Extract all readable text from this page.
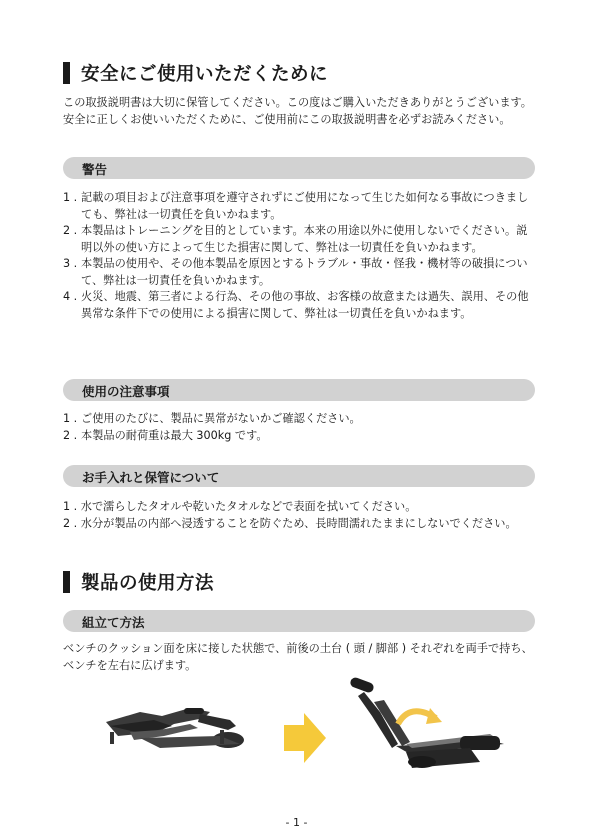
安全にご使用いただくために
この取扱説明書は大切に保管してください。この度はご購入いただきありがとうございます。安全に正しくお使いいただくために、ご使用前にこの取扱説明書を必ずお読みください。
警告
1 . 記載の項目および注意事項を遵守されずにご使用になって生じた如何なる事故につきましても、弊社は一切責任を負いかねます。
2 . 本製品はトレーニングを目的としています。本来の用途以外に使用しないでください。説明以外の使い方によって生じた損害に関して、弊社は一切責任を負いかねます。
3 . 本製品の使用や、その他本製品を原因とするトラブル・事故・怪我・機材等の破損について、弊社は一切責任を負いかねます。
4 . 火災、地震、第三者による行為、その他の事故、お客様の故意または過失、誤用、その他異常な条件下での使用による損害に関して、弊社は一切責任を負いかねます。
使用の注意事項
1 . ご使用のたびに、製品に異常がないかご確認ください。
2 . 本製品の耐荷重は最大 300kg です。
お手入れと保管について
1 . 水で濡らしたタオルや乾いたタオルなどで表面を拭いてください。
2 . 水分が製品の内部へ浸透することを防ぐため、長時間濡れたままにしないでください。
製品の使用方法
組立て方法
ベンチのクッション面を床に接した状態で、前後の土台 ( 頭 / 脚部 ) それぞれを両手で持ち、ベンチを左右に広げます。
- 1 -
